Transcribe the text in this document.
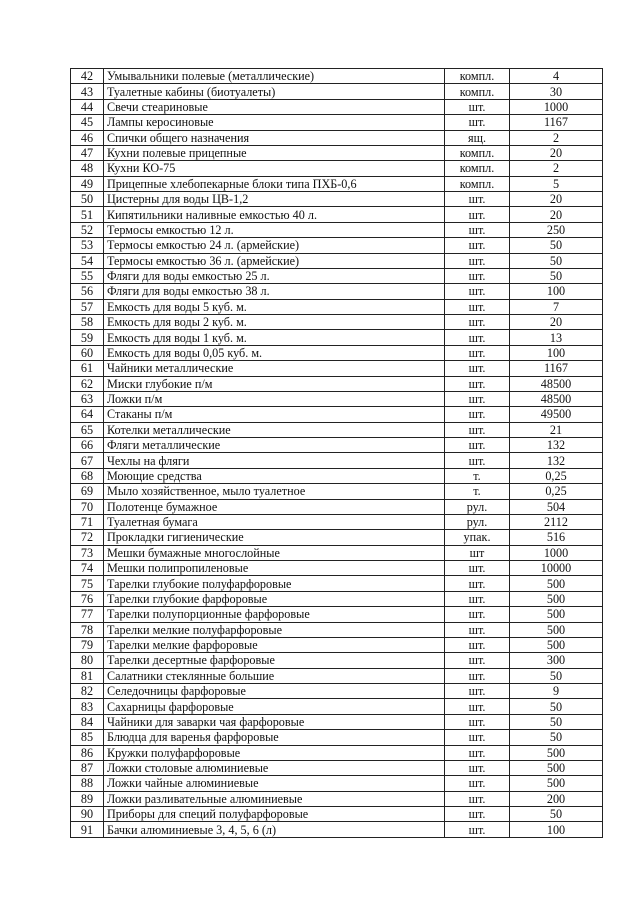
42	Умывальники полевые (металлические)	компл.	4
43	Туалетные кабины (биотуалеты)	компл.	30
44	Свечи стеариновые	шт.	1000
45	Лампы керосиновые	шт.	1167
46	Спички общего назначения	ящ.	2
47	Кухни полевые прицепные	компл.	20
48	Кухни КО-75	компл.	2
49	Прицепные хлебопекарные блоки типа ПХБ-0,6	компл.	5
50	Цистерны для воды ЦВ-1,2	шт.	20
51	Кипятильники наливные емкостью 40 л.	шт.	20
52	Термосы емкостью 12 л.	шт.	250
53	Термосы емкостью 24 л. (армейские)	шт.	50
54	Термосы емкостью 36 л. (армейские)	шт.	50
55	Фляги для воды емкостью 25 л.	шт.	50
56	Фляги для воды емкостью 38 л.	шт.	100
57	Емкость для воды 5 куб. м.	шт.	7
58	Емкость для воды 2 куб. м.	шт.	20
59	Емкость для воды 1 куб. м.	шт.	13
60	Емкость для воды 0,05 куб. м.	шт.	100
61	Чайники металлические	шт.	1167
62	Миски глубокие п/м	шт.	48500
63	Ложки п/м	шт.	48500
64	Стаканы п/м	шт.	49500
65	Котелки металлические	шт.	21
66	Фляги металлические	шт.	132
67	Чехлы на фляги	шт.	132
68	Моющие средства	т.	0,25
69	Мыло хозяйственное, мыло туалетное	т.	0,25
70	Полотенце бумажное	рул.	504
71	Туалетная бумага	рул.	2112
72	Прокладки гигиенические	упак.	516
73	Мешки бумажные многослойные	шт	1000
74	Мешки полипропиленовые	шт.	10000
75	Тарелки глубокие полуфарфоровые	шт.	500
76	Тарелки глубокие фарфоровые	шт.	500
77	Тарелки полупорционные фарфоровые	шт.	500
78	Тарелки мелкие полуфарфоровые	шт.	500
79	Тарелки мелкие фарфоровые	шт.	500
80	Тарелки десертные фарфоровые	шт.	300
81	Салатники стеклянные большие	шт.	50
82	Селедочницы фарфоровые	шт.	9
83	Сахарницы фарфоровые	шт.	50
84	Чайники для заварки чая фарфоровые	шт.	50
85	Блюдца для варенья фарфоровые	шт.	50
86	Кружки полуфарфоровые	шт.	500
87	Ложки столовые алюминиевые	шт.	500
88	Ложки чайные алюминиевые	шт.	500
89	Ложки разливательные алюминиевые	шт.	200
90	Приборы для специй полуфарфоровые	шт.	50
91	Бачки алюминиевые 3, 4, 5, 6 (л)	шт.	100
